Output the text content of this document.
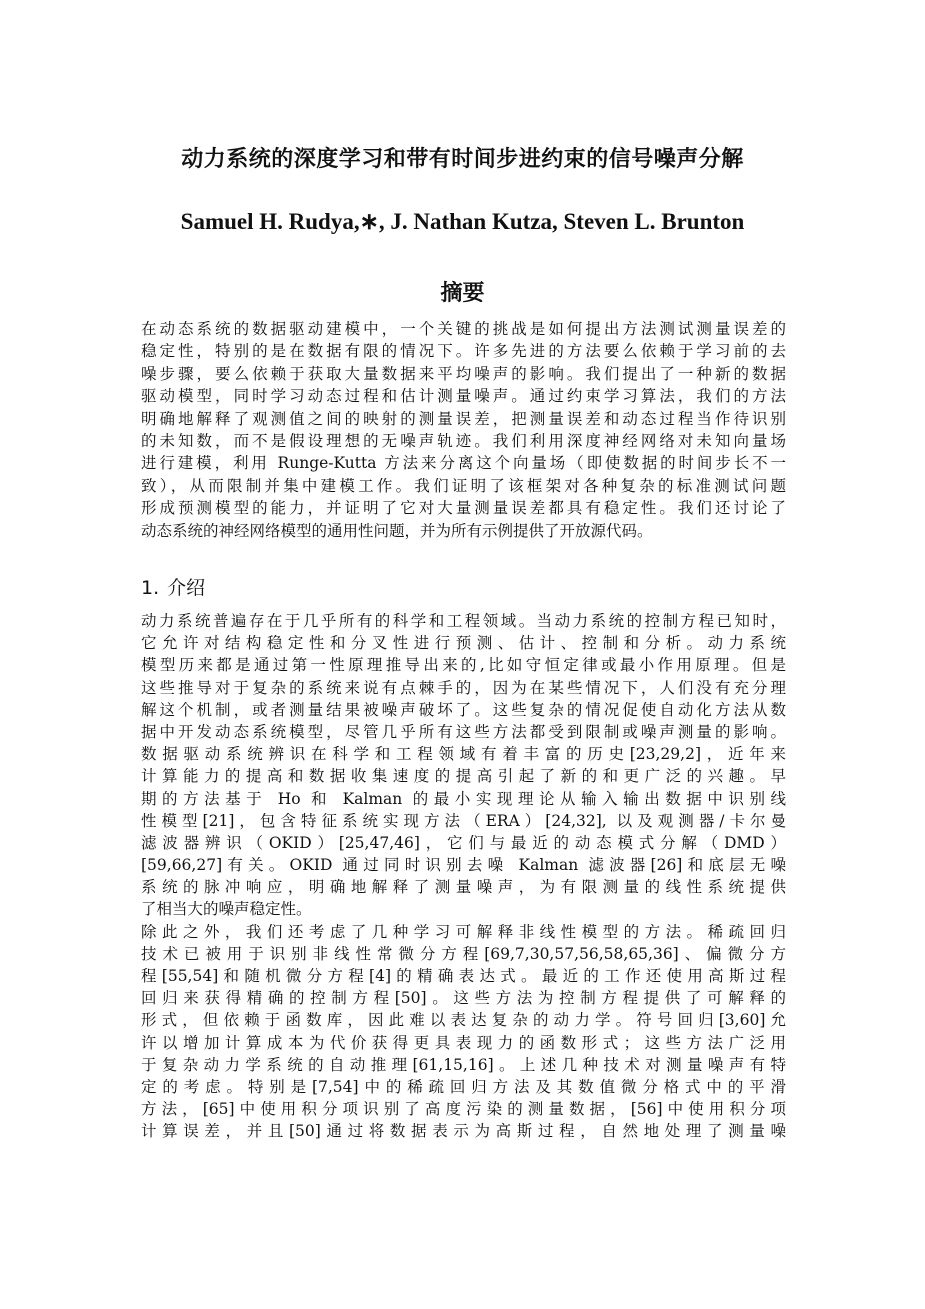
动力系统的深度学习和带有时间步进约束的信号噪声分解
Samuel H. Rudya,∗, J. Nathan Kutza, Steven L. Brunton
摘要
在动态系统的数据驱动建模中，一个关键的挑战是如何提出方法测试测量误差的
稳定性，特别的是在数据有限的情况下。许多先进的方法要么依赖于学习前的去
噪步骤，要么依赖于获取大量数据来平均噪声的影响。我们提出了一种新的数据
驱动模型，同时学习动态过程和估计测量噪声。通过约束学习算法，我们的方法
明确地解释了观测值之间的映射的测量误差，把测量误差和动态过程当作待识别
的未知数，而不是假设理想的无噪声轨迹。我们利用深度神经网络对未知向量场
进行建模，利用 Runge-Kutta 方法来分离这个向量场（即使数据的时间步长不一
致），从而限制并集中建模工作。我们证明了该框架对各种复杂的标准测试问题
形成预测模型的能力，并证明了它对大量测量误差都具有稳定性。我们还讨论了
动态系统的神经网络模型的通用性问题，并为所有示例提供了开放源代码。
1. 介绍
动力系统普遍存在于几乎所有的科学和工程领域。当动力系统的控制方程已知时，
它允许对结构稳定性和分叉性进行预测、估计、控制和分析。动力系统
模型历来都是通过第一性原理推导出来的,比如守恒定律或最小作用原理。但是
这些推导对于复杂的系统来说有点棘手的，因为在某些情况下，人们没有充分理
解这个机制，或者测量结果被噪声破坏了。这些复杂的情况促使自动化方法从数
据中开发动态系统模型，尽管几乎所有这些方法都受到限制或噪声测量的影响。
数据驱动系统辨识在科学和工程领域有着丰富的历史[23,29,2]，近年来
计算能力的提高和数据收集速度的提高引起了新的和更广泛的兴趣。早
期的方法基于 Ho 和 Kalman 的最小实现理论从输入输出数据中识别线
性模型[21]，包含特征系统实现方法（ERA）[24,32], 以及观测器/卡尔曼
滤波器辨识（OKID）[25,47,46]，它们与最近的动态模式分解（DMD）
[59,66,27]有关。OKID 通过同时识别去噪 Kalman 滤波器[26]和底层无噪
系统的脉冲响应，明确地解释了测量噪声，为有限测量的线性系统提供
了相当大的噪声稳定性。
除此之外，我们还考虑了几种学习可解释非线性模型的方法。稀疏回归
技术已被用于识别非线性常微分方程[69,7,30,57,56,58,65,36]、偏微分方
程[55,54]和随机微分方程[4]的精确表达式。最近的工作还使用高斯过程
回归来获得精确的控制方程[50]。这些方法为控制方程提供了可解释的
形式，但依赖于函数库，因此难以表达复杂的动力学。符号回归[3,60]允
许以增加计算成本为代价获得更具表现力的函数形式；这些方法广泛用
于复杂动力学系统的自动推理[61,15,16]。上述几种技术对测量噪声有特
定的考虑。特别是[7,54]中的稀疏回归方法及其数值微分格式中的平滑
方法，[65]中使用积分项识别了高度污染的测量数据，[56]中使用积分项
计算误差，并且[50]通过将数据表示为高斯过程，自然地处理了测量噪
